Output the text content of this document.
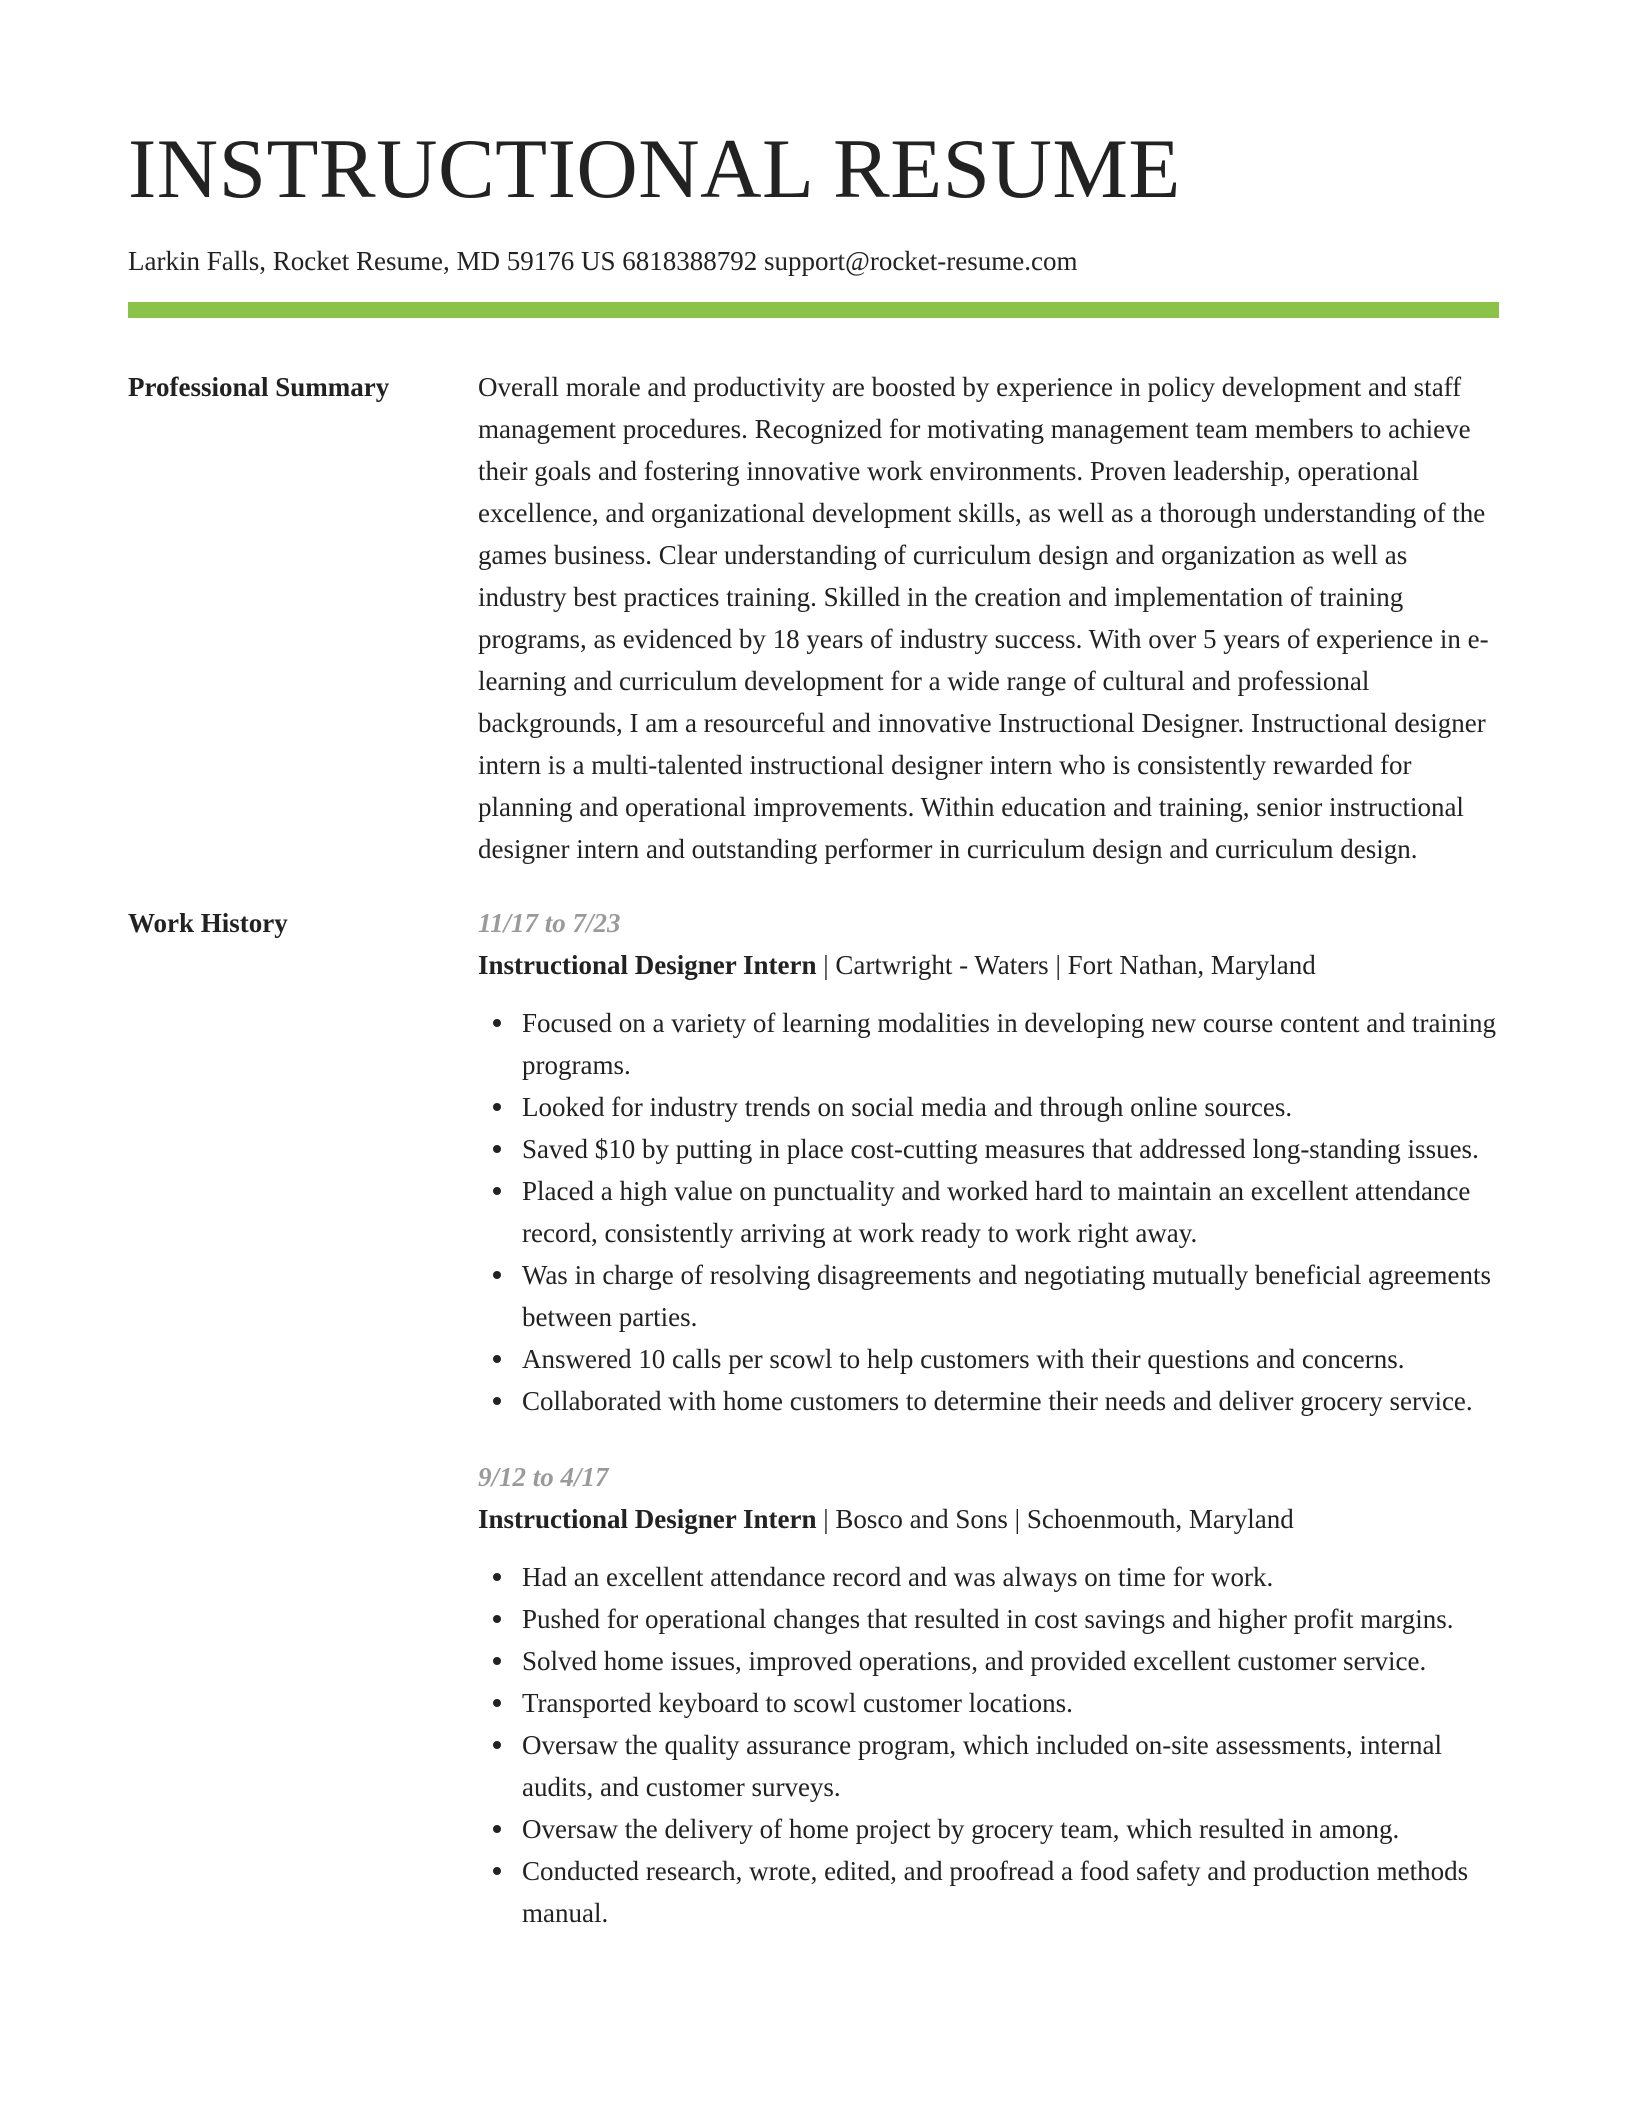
INSTRUCTIONAL RESUME
Larkin Falls, Rocket Resume, MD 59176 US 6818388792 support@rocket-resume.com
Professional Summary	Overall morale and productivity are boosted by experience in policy development and staff management procedures. Recognized for motivating management team members to achieve their goals and fostering innovative work environments. Proven leadership, operational excellence, and organizational development skills, as well as a thorough understanding of the games business. Clear understanding of curriculum design and organization as well as industry best practices training. Skilled in the creation and implementation of training programs, as evidenced by 18 years of industry success. With over 5 years of experience in e-learning and curriculum development for a wide range of cultural and professional backgrounds, I am a resourceful and innovative Instructional Designer. Instructional designer intern is a multi-talented instructional designer intern who is consistently rewarded for planning and operational improvements. Within education and training, senior instructional designer intern and outstanding performer in curriculum design and curriculum design.

Work History	11/17 to 7/23
Instructional Designer Intern | Cartwright - Waters | Fort Nathan, Maryland
Focused on a variety of learning modalities in developing new course content and training programs.
Looked for industry trends on social media and through online sources.
Saved $10 by putting in place cost-cutting measures that addressed long-standing issues.
Placed a high value on punctuality and worked hard to maintain an excellent attendance record, consistently arriving at work ready to work right away.
Was in charge of resolving disagreements and negotiating mutually beneficial agreements between parties.
Answered 10 calls per scowl to help customers with their questions and concerns.
Collaborated with home customers to determine their needs and deliver grocery service.
9/12 to 4/17
Instructional Designer Intern | Bosco and Sons | Schoenmouth, Maryland
Had an excellent attendance record and was always on time for work.
Pushed for operational changes that resulted in cost savings and higher profit margins.
Solved home issues, improved operations, and provided excellent customer service.
Transported keyboard to scowl customer locations.
Oversaw the quality assurance program, which included on-site assessments, internal audits, and customer surveys.
Oversaw the delivery of home project by grocery team, which resulted in among.
Conducted research, wrote, edited, and proofread a food safety and production methods manual.
